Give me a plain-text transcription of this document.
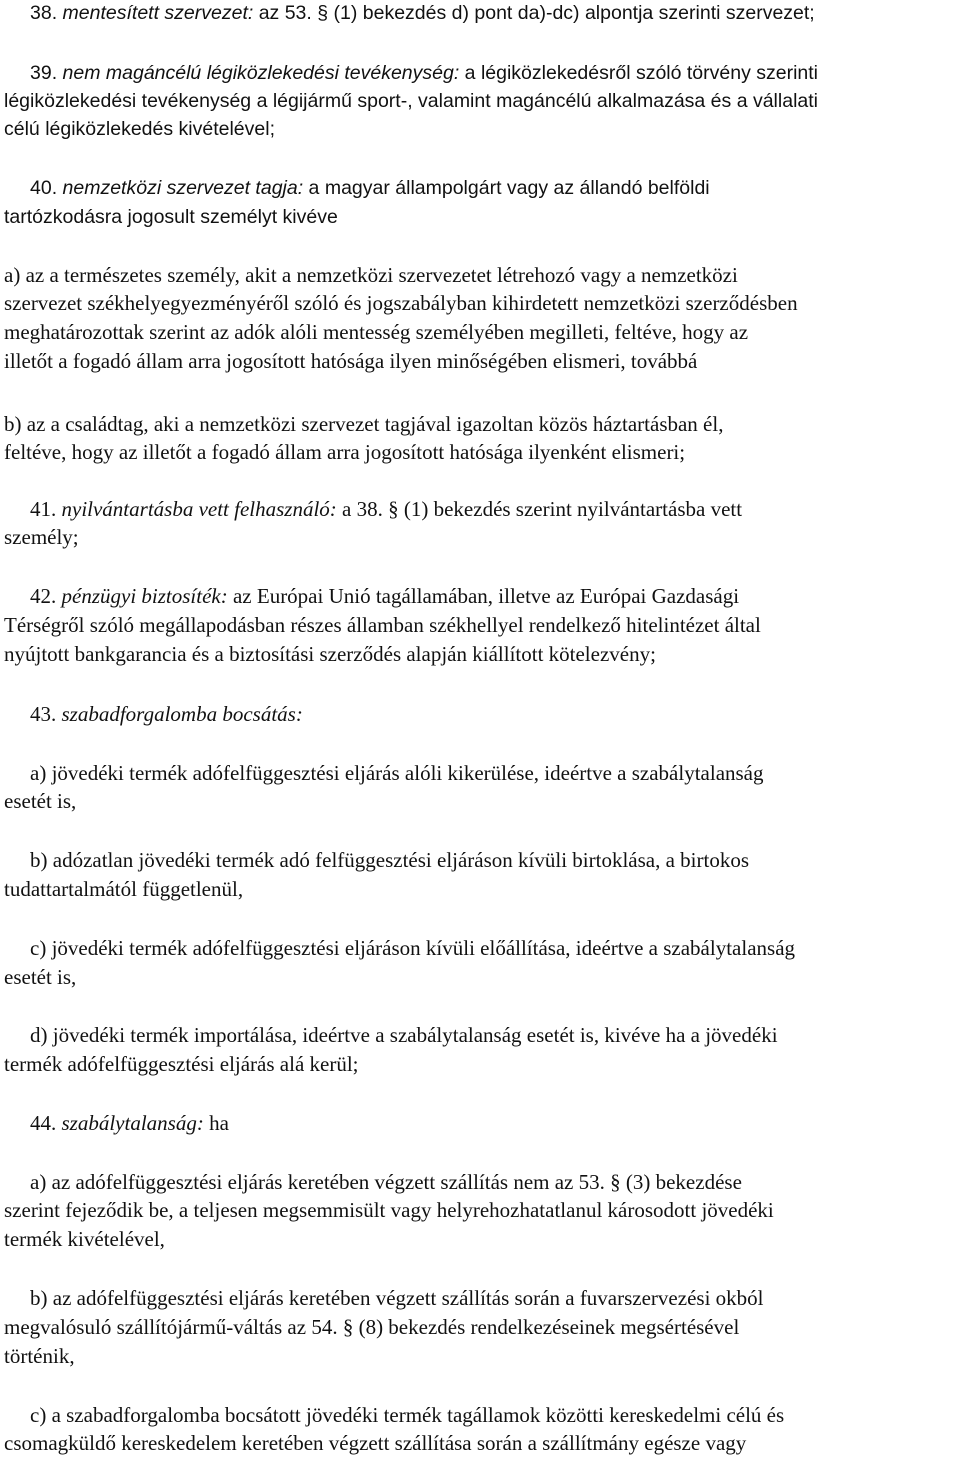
38. mentesített szervezet: az 53. § (1) bekezdés d) pont da)-dc) alpontja szerinti szervezet;
39. nem magáncélú légiközlekedési tevékenység: a légiközlekedésről szóló törvény szerinti
légiközlekedési tevékenység a légijármű sport-, valamint magáncélú alkalmazása és a vállalati
célú légiközlekedés kivételével;
40. nemzetközi szervezet tagja: a magyar állampolgárt vagy az állandó belföldi
tartózkodásra jogosult személyt kivéve
a) az a természetes személy, akit a nemzetközi szervezetet létrehozó vagy a nemzetközi
szervezet székhelyegyezményéről szóló és jogszabályban kihirdetett nemzetközi szerződésben
meghatározottak szerint az adók alóli mentesség személyében megilleti, feltéve, hogy az
illetőt a fogadó állam arra jogosított hatósága ilyen minőségében elismeri, továbbá
b) az a családtag, aki a nemzetközi szervezet tagjával igazoltan közös háztartásban él,
feltéve, hogy az illetőt a fogadó állam arra jogosított hatósága ilyenként elismeri;
41. nyilvántartásba vett felhasználó: a 38. § (1) bekezdés szerint nyilvántartásba vett
személy;
42. pénzügyi biztosíték: az Európai Unió tagállamában, illetve az Európai Gazdasági
Térségről szóló megállapodásban részes államban székhellyel rendelkező hitelintézet által
nyújtott bankgarancia és a biztosítási szerződés alapján kiállított kötelezvény;
43. szabadforgalomba bocsátás:
a) jövedéki termék adófelfüggesztési eljárás alóli kikerülése, ideértve a szabálytalanság
esetét is,
b) adózatlan jövedéki termék adó felfüggesztési eljáráson kívüli birtoklása, a birtokos
tudattartalmától függetlenül,
c) jövedéki termék adófelfüggesztési eljáráson kívüli előállítása, ideértve a szabálytalanság
esetét is,
d) jövedéki termék importálása, ideértve a szabálytalanság esetét is, kivéve ha a jövedéki
termék adófelfüggesztési eljárás alá kerül;
44. szabálytalanság: ha
a) az adófelfüggesztési eljárás keretében végzett szállítás nem az 53. § (3) bekezdése
szerint fejeződik be, a teljesen megsemmisült vagy helyrehozhatatlanul károsodott jövedéki
termék kivételével,
b) az adófelfüggesztési eljárás keretében végzett szállítás során a fuvarszervezési okból
megvalósuló szállítójármű-váltás az 54. § (8) bekezdés rendelkezéseinek megsértésével
történik,
c) a szabadforgalomba bocsátott jövedéki termék tagállamok közötti kereskedelmi célú és
csomagküldő kereskedelem keretében végzett szállítása során a szállítmány egésze vagy
